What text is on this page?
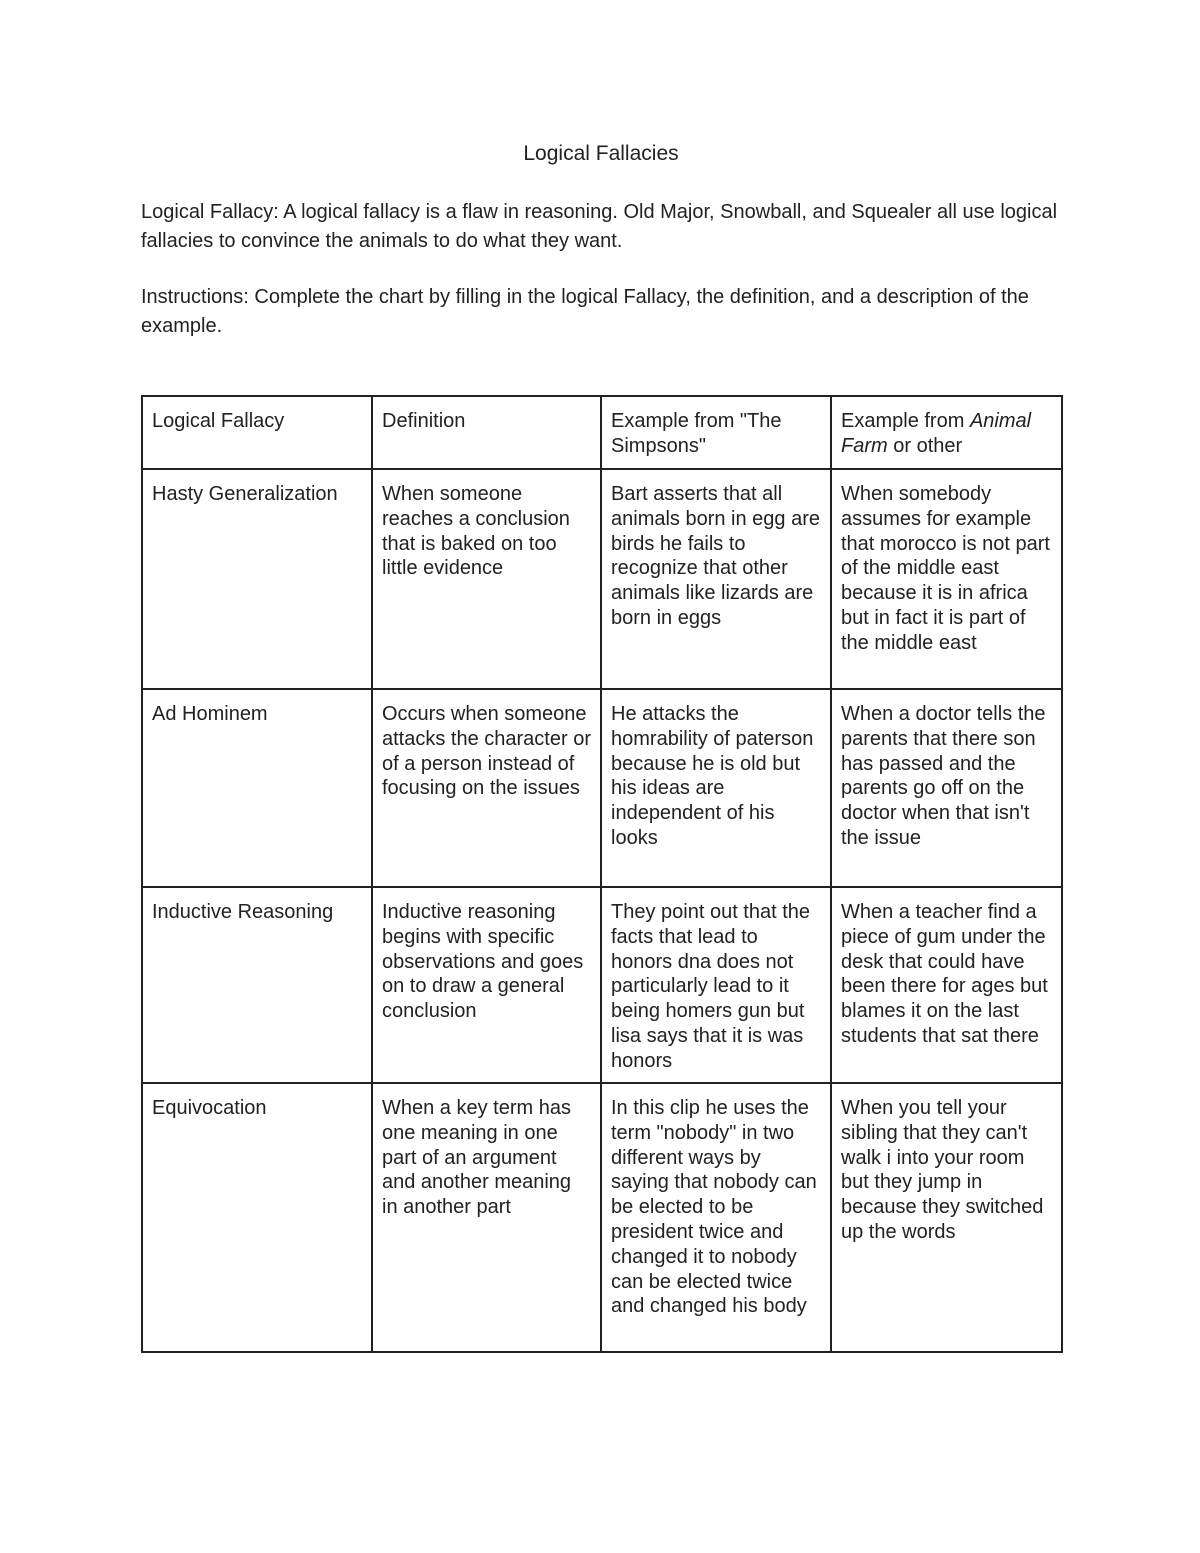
Logical Fallacies
Logical Fallacy: A logical fallacy is a flaw in reasoning. Old Major, Snowball, and Squealer all use logical fallacies to convince the animals to do what they want.
Instructions: Complete the chart by filling in the logical Fallacy, the definition, and a description of the example.
Logical Fallacy	Definition	Example from "The Simpsons"	Example from Animal Farm or other
Hasty Generalization	When someone reaches a conclusion that is baked on too little evidence	Bart asserts that all animals born in egg are birds he fails to recognize that other animals like lizards are born in eggs	When somebody assumes for example that morocco is not part of the middle east because it is in africa but in fact it is part of the middle east
Ad Hominem	Occurs when someone attacks the character or of a person instead of focusing on the issues	He attacks the homrability of paterson because he is old but his ideas are independent of his looks	When a doctor tells the parents that there son has passed and the parents go off on the doctor when that isn't the issue
Inductive Reasoning	Inductive reasoning begins with specific observations and goes on to draw a general conclusion	They point out that the facts that lead to honors dna does not particularly lead to it being homers gun but lisa says that it is was honors	When a teacher find a piece of gum under the desk that could have been there for ages but blames it on the last students that sat there
Equivocation	When a key term has one meaning in one part of an argument and another meaning in another part	In this clip he uses the term "nobody" in two different ways by saying that nobody can be elected to be president twice and changed it to nobody can be elected twice and changed his body	When you tell your sibling that they can't walk i into your room but they jump in because they switched up the words
